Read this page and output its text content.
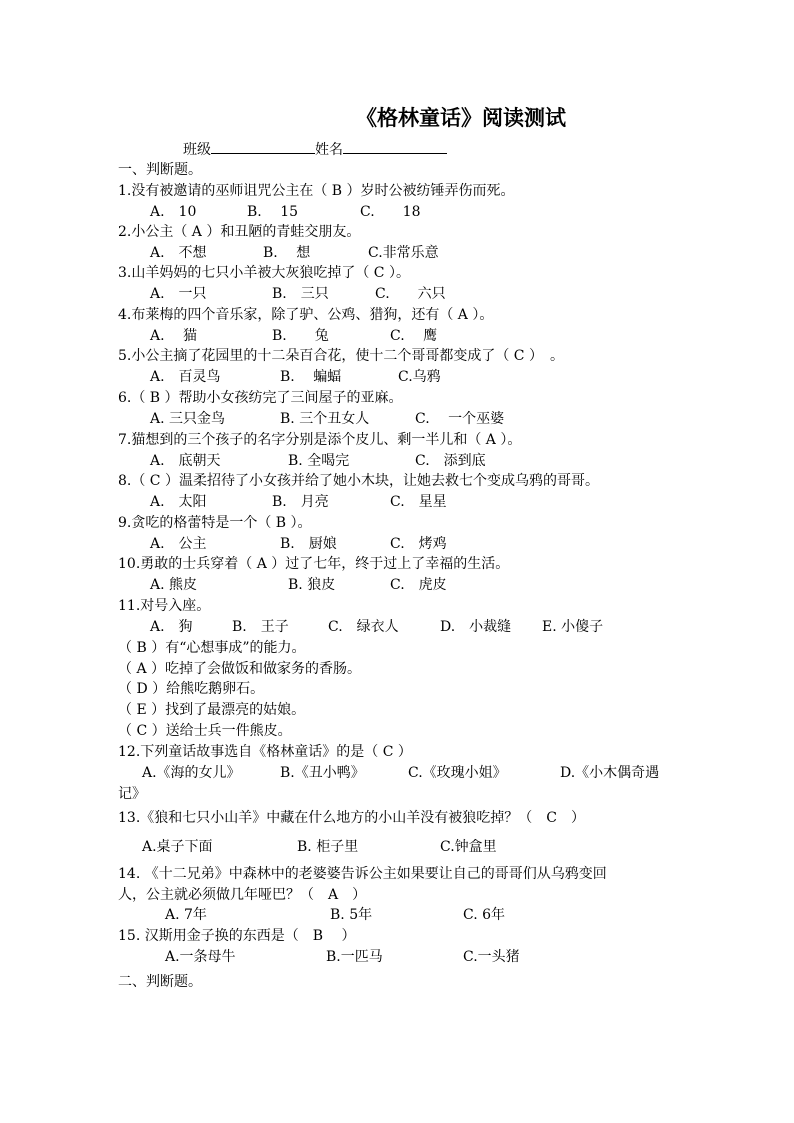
《格林童话》阅读测试
班级	姓名
一、判断题。
1.没有被邀请的巫师诅咒公主在（ B ）岁时公被纺锤弄伤而死。
A.　10	B.　 15	C.　　18
2.小公主（ A ）和丑陋的青蛙交朋友。
A.　不想	B.　 想	C.非常乐意
3.山羊妈妈的七只小羊被大灰狼吃掉了（ C ）。
A.　一只	B.　三只	C.　　六只
4.布莱梅的四个音乐家，除了驴、公鸡、猎狗，还有（ A ）。
A.　 猫	B.　　兔	C.　 鹰
5.小公主摘了花园里的十二朵百合花，使十二个哥哥都变成了（ C ）　。
A.　百灵鸟	B.　 蝙蝠	C.乌鸦
6.（ B ）帮助小女孩纺完了三间屋子的亚麻。
A. 三只金鸟	B. 三个丑女人	C.　 一个巫婆
7.猫想到的三个孩子的名字分别是添个皮儿、剩一半儿和（ A ）。
A.　底朝天	B. 全喝完	C.　添到底
8.（ C ）温柔招待了小女孩并给了她小木块，让她去救七个变成乌鸦的哥哥。
A.　太阳	B.　月亮	C.　星星
9.贪吃的格蕾特是一个（ B ）。
A.　公主	B.　厨娘	C.　烤鸡
10.勇敢的士兵穿着（ A ）过了七年，终于过上了幸福的生活。
A. 熊皮	B. 狼皮	C.　虎皮
11.对号入座。
A.　狗	B.　王子	C.　绿衣人	D.　小裁缝 E. 小傻子
（ B ）有“心想事成”的能力。
（ A ）吃掉了会做饭和做家务的香肠。
（ D ）给熊吃鹅卵石。
（ E ）找到了最漂亮的姑娘。
（ C ）送给士兵一件熊皮。
12.下列童话故事选自《格林童话》的是（ C ）
A.《海的女儿》	B.《丑小鸭》	C.《玫瑰小姐》	D.《小木偶奇遇
记》
13.《狼和七只小山羊》中藏在什么地方的小山羊没有被狼吃掉？（　C　）
A.桌子下面	B. 柜子里	C.钟盒里
14. 《十二兄弟》中森林中的老婆婆告诉公主如果要让自己的哥哥们从乌鸦变回
人，公主就必须做几年哑巴？（　A　）
A. 7年	B. 5年	C. 6年
15. 汉斯用金子换的东西是（　B　 ）
A.一条母牛	B.一匹马	C.一头猪
二、判断题。
